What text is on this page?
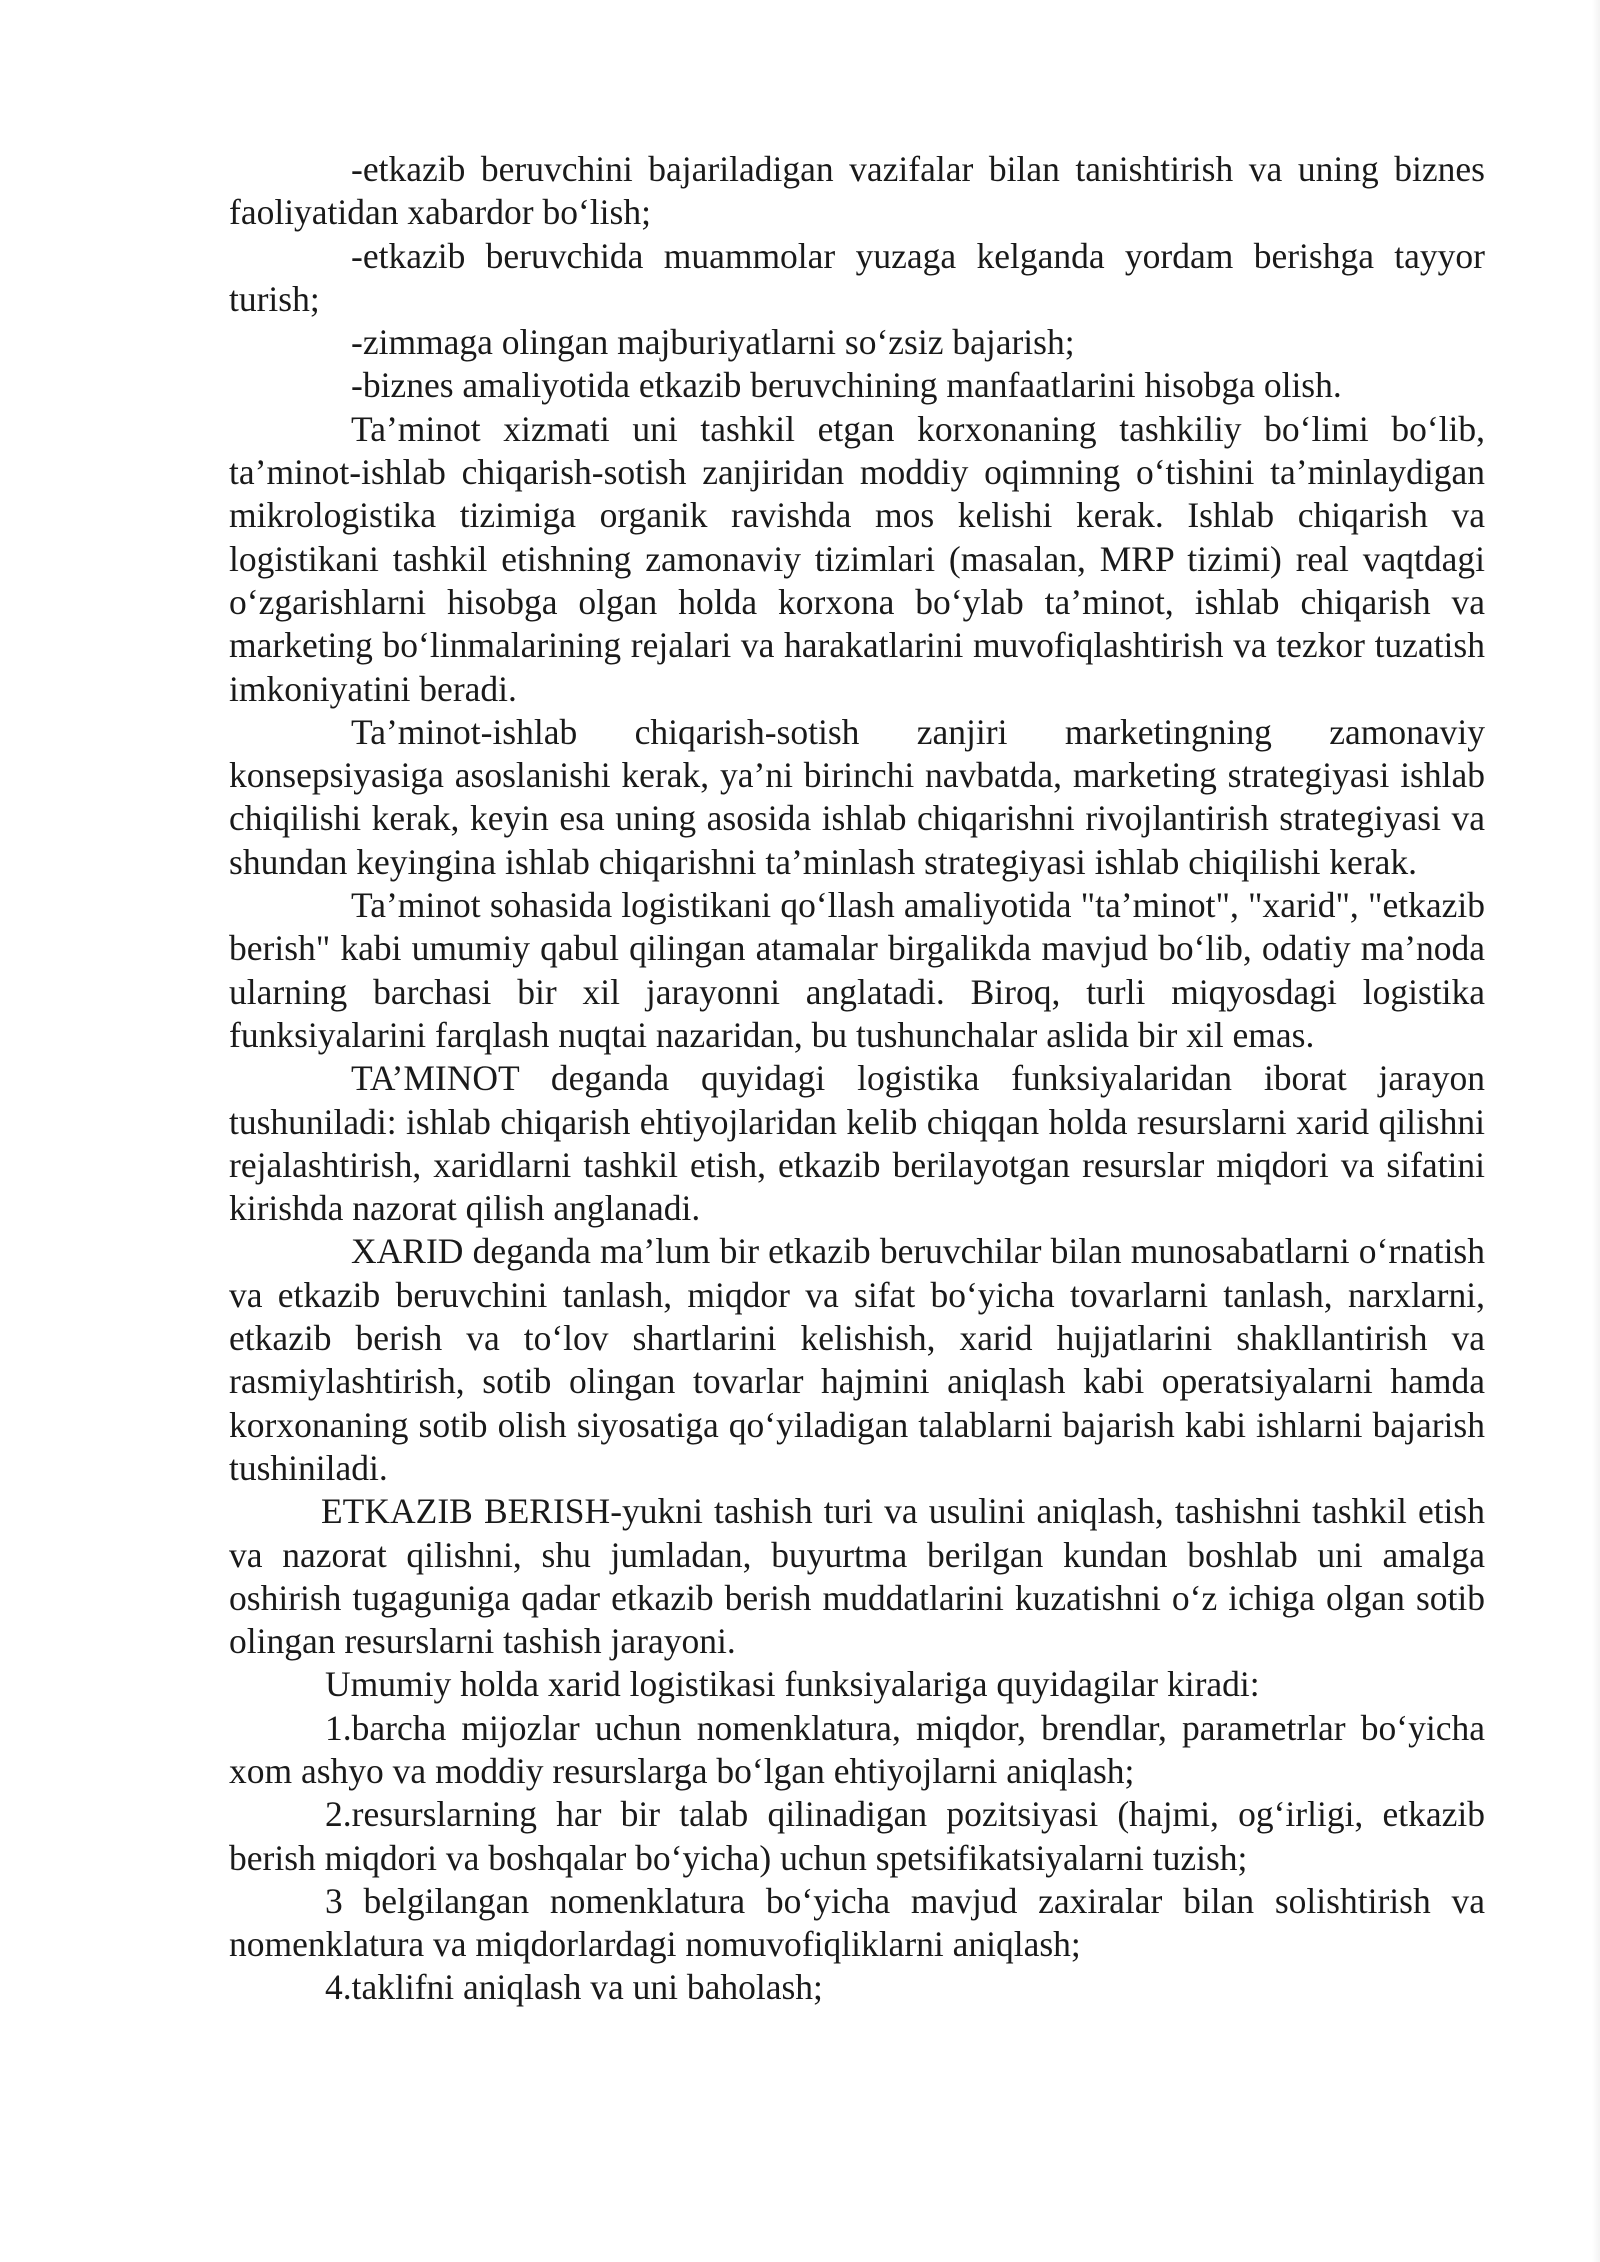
-etkazib beruvchini bajariladigan vazifalar bilan tanishtirish va uning biznes faoliyatidan xabardor bo‘lish;

-etkazib beruvchida muammolar yuzaga kelganda yordam berishga tayyor turish;

-zimmaga olingan majburiyatlarni so‘zsiz bajarish;

-biznes amaliyotida etkazib beruvchining manfaatlarini hisobga olish.

Ta’minot xizmati uni tashkil etgan korxonaning tashkiliy bo‘limi bo‘lib, ta’minot-ishlab chiqarish-sotish zanjiridan moddiy oqimning o‘tishini ta’minlaydigan mikrologistika tizimiga organik ravishda mos kelishi kerak. Ishlab chiqarish va logistikani tashkil etishning zamonaviy tizimlari (masalan, MRP tizimi) real vaqtdagi o‘zgarishlarni hisobga olgan holda korxona bo‘ylab ta’minot, ishlab chiqarish va marketing bo‘linmalarining rejalari va harakatlarini muvofiqlashtirish va tezkor tuzatish imkoniyatini beradi.

Ta’minot-ishlab chiqarish-sotish zanjiri marketingning zamonaviy konsepsiyasiga asoslanishi kerak, ya’ni birinchi navbatda, marketing strategiyasi ishlab chiqilishi kerak, keyin esa uning asosida ishlab chiqarishni rivojlantirish strategiyasi va shundan keyingina ishlab chiqarishni ta’minlash strategiyasi ishlab chiqilishi kerak.

Ta’minot sohasida logistikani qo‘llash amaliyotida "ta’minot", "xarid", "etkazib berish" kabi umumiy qabul qilingan atamalar birgalikda mavjud bo‘lib, odatiy ma’noda ularning barchasi bir xil jarayonni anglatadi. Biroq, turli miqyosdagi logistika funksiyalarini farqlash nuqtai nazaridan, bu tushunchalar aslida bir xil emas.

TA’MINOT deganda quyidagi logistika funksiyalaridan iborat jarayon tushuniladi: ishlab chiqarish ehtiyojlaridan kelib chiqqan holda resurslarni xarid qilishni rejalashtirish, xaridlarni tashkil etish, etkazib berilayotgan resurslar miqdori va sifatini kirishda nazorat qilish anglanadi.

XARID deganda ma’lum bir etkazib beruvchilar bilan munosabatlarni o‘rnatish va etkazib beruvchini tanlash, miqdor va sifat bo‘yicha tovarlarni tanlash, narxlarni, etkazib berish va to‘lov shartlarini kelishish, xarid hujjatlarini shakllantirish va rasmiylashtirish, sotib olingan tovarlar hajmini aniqlash kabi operatsiyalarni hamda korxonaning sotib olish siyosatiga qo‘yiladigan talablarni bajarish kabi ishlarni bajarish tushiniladi.

ETKAZIB BERISH-yukni tashish turi va usulini aniqlash, tashishni tashkil etish va nazorat qilishni, shu jumladan, buyurtma berilgan kundan boshlab uni amalga oshirish tugaguniga qadar etkazib berish muddatlarini kuzatishni o‘z ichiga olgan sotib olingan resurslarni tashish jarayoni.

Umumiy holda xarid logistikasi funksiyalariga quyidagilar kiradi:

1.barcha mijozlar uchun nomenklatura, miqdor, brendlar, parametrlar bo‘yicha xom ashyo va moddiy resurslarga bo‘lgan ehtiyojlarni aniqlash;

2.resurslarning har bir talab qilinadigan pozitsiyasi (hajmi, og‘irligi, etkazib berish miqdori va boshqalar bo‘yicha) uchun spetsifikatsiyalarni tuzish;

3 belgilangan nomenklatura bo‘yicha mavjud zaxiralar bilan solishtirish va nomenklatura va miqdorlardagi nomuvofiqliklarni aniqlash;

4.taklifni aniqlash va uni baholash;
